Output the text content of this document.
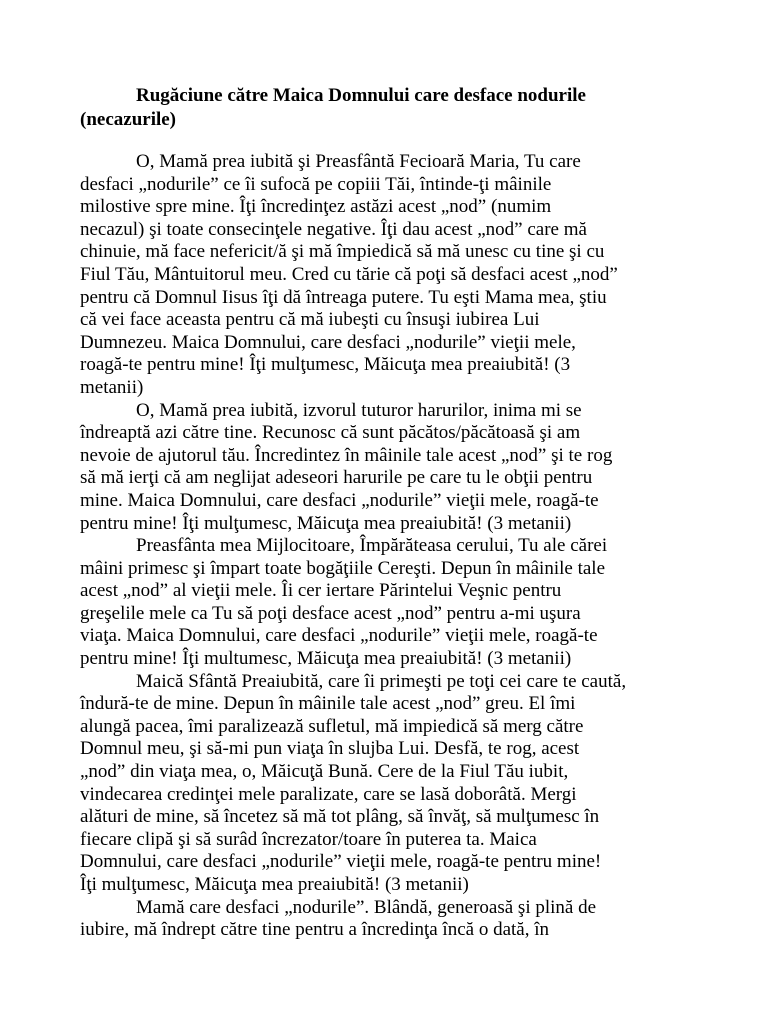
Rugăciune către Maica Domnului care desface nodurile
(necazurile)

O, Mamă prea iubită şi Preasfântă Fecioară Maria, Tu care
desfaci „nodurile” ce îi sufocă pe copiii Tăi, întinde-ţi mâinile
milostive spre mine. Îţi încredinţez astăzi acest „nod” (numim
necazul) şi toate consecinţele negative. Îţi dau acest „nod” care mă
chinuie, mă face nefericit/ă şi mă împiedică să mă unesc cu tine şi cu
Fiul Tău, Mântuitorul meu. Cred cu tărie că poţi să desfaci acest „nod”
pentru că Domnul Iisus îţi dă întreaga putere. Tu eşti Mama mea, ştiu
că vei face aceasta pentru că mă iubeşti cu însuşi iubirea Lui
Dumnezeu. Maica Domnului, care desfaci „nodurile” vieţii mele,
roagă-te pentru mine! Îţi mulţumesc, Măicuţa mea preaiubită! (3
metanii)

O, Mamă prea iubită, izvorul tuturor harurilor, inima mi se
îndreaptă azi către tine. Recunosc că sunt păcătos/păcătoasă şi am
nevoie de ajutorul tău. Încredintez în mâinile tale acest „nod” şi te rog
să mă ierţi că am neglijat adeseori harurile pe care tu le obţii pentru
mine. Maica Domnului, care desfaci „nodurile” vieţii mele, roagă-te
pentru mine! Îţi mulţumesc, Măicuţa mea preaiubită! (3 metanii)

Preasfânta mea Mijlocitoare, Împărăteasa cerului, Tu ale cărei
mâini primesc şi împart toate bogăţiile Cereşti. Depun în mâinile tale
acest „nod” al vieţii mele. Îi cer iertare Părintelui Veşnic pentru
greşelile mele ca Tu să poţi desface acest „nod” pentru a-mi uşura
viaţa. Maica Domnului, care desfaci „nodurile” vieţii mele, roagă-te
pentru mine! Îţi multumesc, Măicuţa mea preaiubită! (3 metanii)

Maică Sfântă Preaiubită, care îi primeşti pe toţi cei care te caută,
îndură-te de mine. Depun în mâinile tale acest „nod” greu. El îmi
alungă pacea, îmi paralizează sufletul, mă impiedică să merg către
Domnul meu, şi să-mi pun viaţa în slujba Lui. Desfă, te rog, acest
„nod” din viaţa mea, o, Măicuţă Bună. Cere de la Fiul Tău iubit,
vindecarea credinţei mele paralizate, care se lasă doborâtă. Mergi
alături de mine, să încetez să mă tot plâng, să învăţ, să mulţumesc în
fiecare clipă şi să surâd încrezator/toare în puterea ta. Maica
Domnului, care desfaci „nodurile” vieţii mele, roagă-te pentru mine!
Îţi mulţumesc, Măicuţa mea preaiubită! (3 metanii)

Mamă care desfaci „nodurile”. Blândă, generoasă şi plină de
iubire, mă îndrept către tine pentru a încredinţa încă o dată, în
